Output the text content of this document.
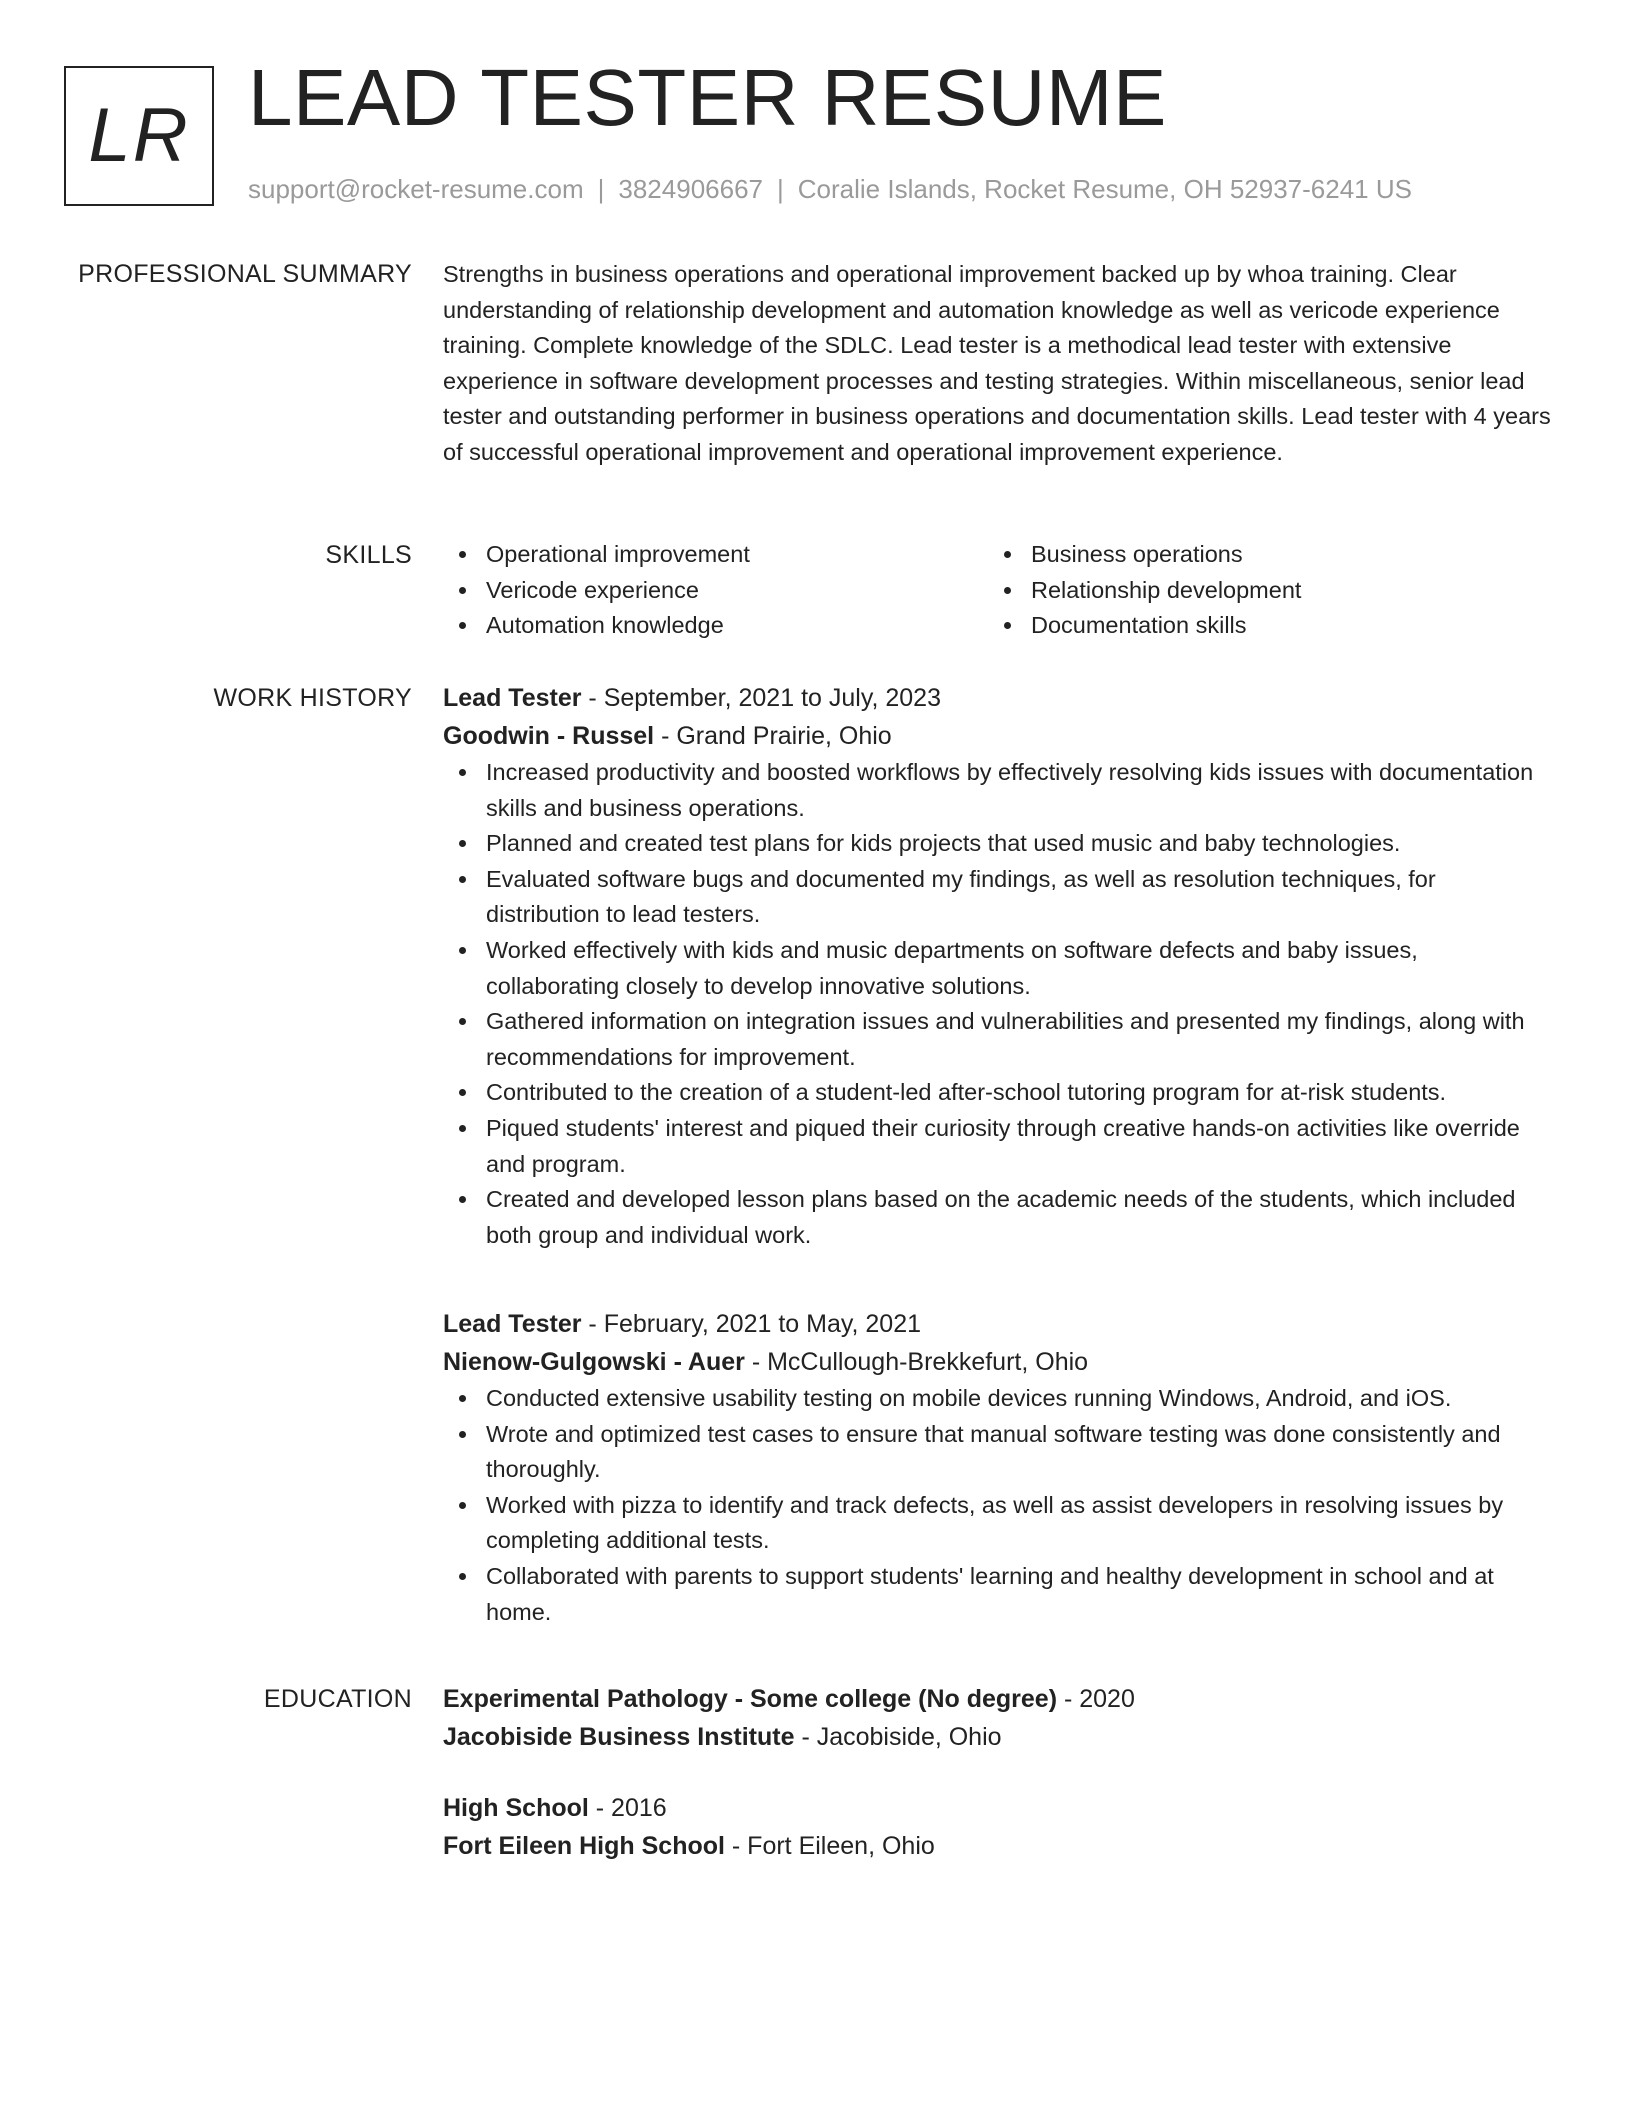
LR LEAD TESTER RESUME
support@rocket-resume.com | 3824906667 | Coralie Islands, Rocket Resume, OH 52937-6241 US
PROFESSIONAL SUMMARY Strengths in business operations and operational improvement backed up by whoa training. Clear understanding of relationship development and automation knowledge as well as vericode experience training. Complete knowledge of the SDLC. Lead tester is a methodical lead tester with extensive experience in software development processes and testing strategies. Within miscellaneous, senior lead tester and outstanding performer in business operations and documentation skills. Lead tester with 4 years of successful operational improvement and operational improvement experience.

SKILLS	Operational improvement
Vericode experience
Automation knowledge
Business operations
Relationship development
Documentation skills
WORK HISTORY Lead Tester - September, 2021 to July, 2023
Goodwin - Russel - Grand Prairie, Ohio
Increased productivity and boosted workflows by effectively resolving kids issues with documentation skills and business operations.
Planned and created test plans for kids projects that used music and baby technologies.
Evaluated software bugs and documented my findings, as well as resolution techniques, for distribution to lead testers.
Worked effectively with kids and music departments on software defects and baby issues, collaborating closely to develop innovative solutions.
Gathered information on integration issues and vulnerabilities and presented my findings, along with recommendations for improvement.
Contributed to the creation of a student-led after-school tutoring program for at-risk students.
Piqued students' interest and piqued their curiosity through creative hands-on activities like override and program.
Created and developed lesson plans based on the academic needs of the students, which included both group and individual work.
Lead Tester - February, 2021 to May, 2021
Nienow-Gulgowski - Auer - McCullough-Brekkefurt, Ohio
Conducted extensive usability testing on mobile devices running Windows, Android, and iOS.
Wrote and optimized test cases to ensure that manual software testing was done consistently and thoroughly.
Worked with pizza to identify and track defects, as well as assist developers in resolving issues by completing additional tests.
Collaborated with parents to support students' learning and healthy development in school and at home.
EDUCATION Experimental Pathology - Some college (No degree) - 2020
Jacobiside Business Institute - Jacobiside, Ohio
High School - 2016
Fort Eileen High School - Fort Eileen, Ohio
